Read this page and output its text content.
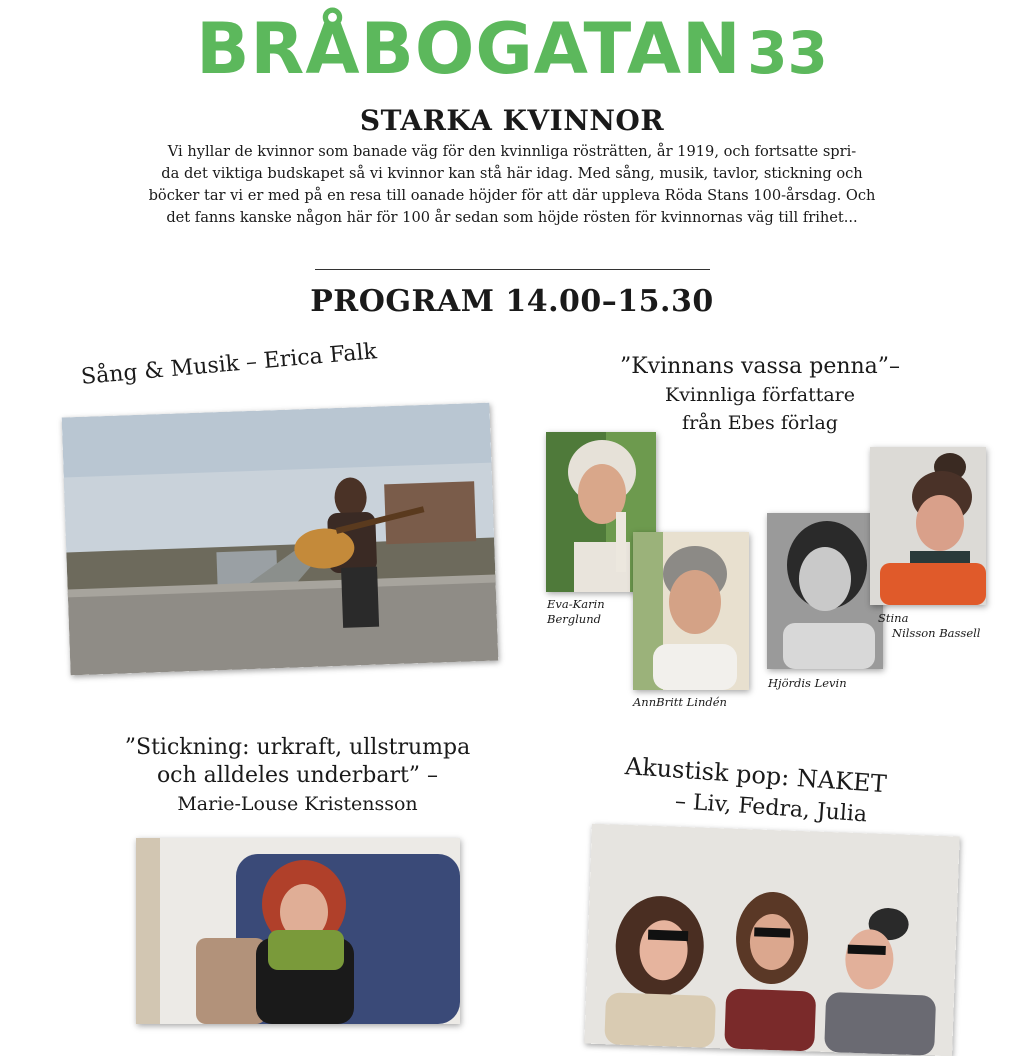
BRÅBOGATAN 33
STARKA KVINNOR
Vi hyllar de kvinnor som banade väg för den kvinnliga rösträtten, år 1919, och fortsatte spri-
da det viktiga budskapet så vi kvinnor kan stå här idag. Med sång, musik, tavlor, stickning och
böcker tar vi er med på en resa till oanade höjder för att där uppleva Röda Stans 100-årsdag. Och
det fanns kanske någon här för 100 år sedan som höjde rösten för kvinnornas väg till frihet...
PROGRAM 14.00–15.30
Sång & Musik – Erica Falk	”Kvinnans vassa penna”–
Kvinnliga författare
från Ebes förlag
Eva-Karin
Berglund
AnnBritt Lindén
Hjördis Levin
Stina
Nilsson Bassell
”Stickning: urkraft, ullstrumpa
och alldeles underbart” –
Marie-Louse Kristensson
Akustisk pop: NAKET
– Liv, Fedra, Julia
